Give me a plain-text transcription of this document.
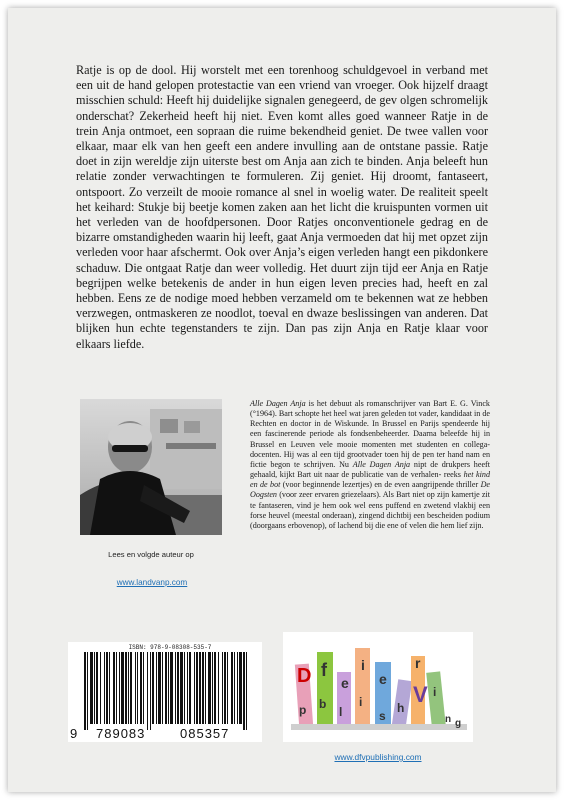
Ratje is op de dool. Hij worstelt met een torenhoog schuldgevoel in verband met een uit de hand gelopen protestactie van een vriend van vroeger. Ook hijzelf draagt misschien schuld: Heeft hij duidelijke signalen genegeerd, de gev olgen schromelijk onderschat? Zekerheid heeft hij niet. Even komt alles goed wanneer Ratje in de trein Anja ontmoet, een sopraan die ruime bekendheid geniet. De twee vallen voor elkaar, maar elk van hen geeft een andere invulling aan de ontstane passie. Ratje doet in zijn wereldje zijn uiterste best om Anja aan zich te binden. Anja beleeft hun relatie zonder verwachtingen te formuleren. Zij geniet. Hij droomt, fantaseert, ontspoort. Zo verzeilt de mooie romance al snel in woelig water. De realiteit speelt het keihard: Stukje bij beetje komen zaken aan het licht die kruispunten vormen uit het verleden van de hoofdpersonen. Door Ratjes onconventionele gedrag en de bizarre omstandigheden waarin hij leeft, gaat Anja vermoeden dat hij met opzet zijn verleden voor haar afschermt. Ook over Anja’s eigen verleden hangt een pikdonkere schaduw. Die ontgaat Ratje dan weer volledig. Het duurt zijn tijd eer Anja en Ratje begrijpen welke betekenis de ander in hun eigen leven precies had, heeft en zal hebben. Eens ze de nodige moed hebben verzameld om te bekennen wat ze hebben verzwegen, ontmaskeren ze noodlot, toeval en dwaze beslissingen van anderen. Dat blijken hun echte tegenstanders te zijn. Dan pas zijn Anja en Ratje klaar voor elkaars liefde.
Lees en volgde auteur op
www.landvanp.com
Alle Dagen Anja is het debuut als romanschrijver van Bart E. G. Vinck (°1964). Bart schopte het heel wat jaren geleden tot vader, kandidaat in de Rechten en doctor in de Wiskunde. In Brussel en Parijs spendeerde hij een fascinerende periode als fondsenbeheerder. Daarna beleefde hij in Brussel en Leuven vele mooie momenten met studenten en collega-docenten. Hij was al een tijd grootvader toen hij de pen ter hand nam en fictie begon te schrijven. Nu Alle Dagen Anja nipt de drukpers heeft gehaald, kijkt Bart uit naar de publicatie van de verhalen- reeks het kind en de bot (voor beginnende lezertjes) en de even aangrijpende thriller De Oogsten (voor zeer ervaren griezelaars). Als Bart niet op zijn kamertje zit te fantaseren, vind je hem ook wel eens puffend en zwetend vlakbij een forse heuvel (meestal onderaan), zingend dichtbij een bescheiden podium (doorgaans erbovenop), of lachend bij die ene of velen die hem lief zijn.
ISBN: 978-9-08308-535-7
9 789083	085357
D feier p blishV in g
www.dfvpublishing.com
